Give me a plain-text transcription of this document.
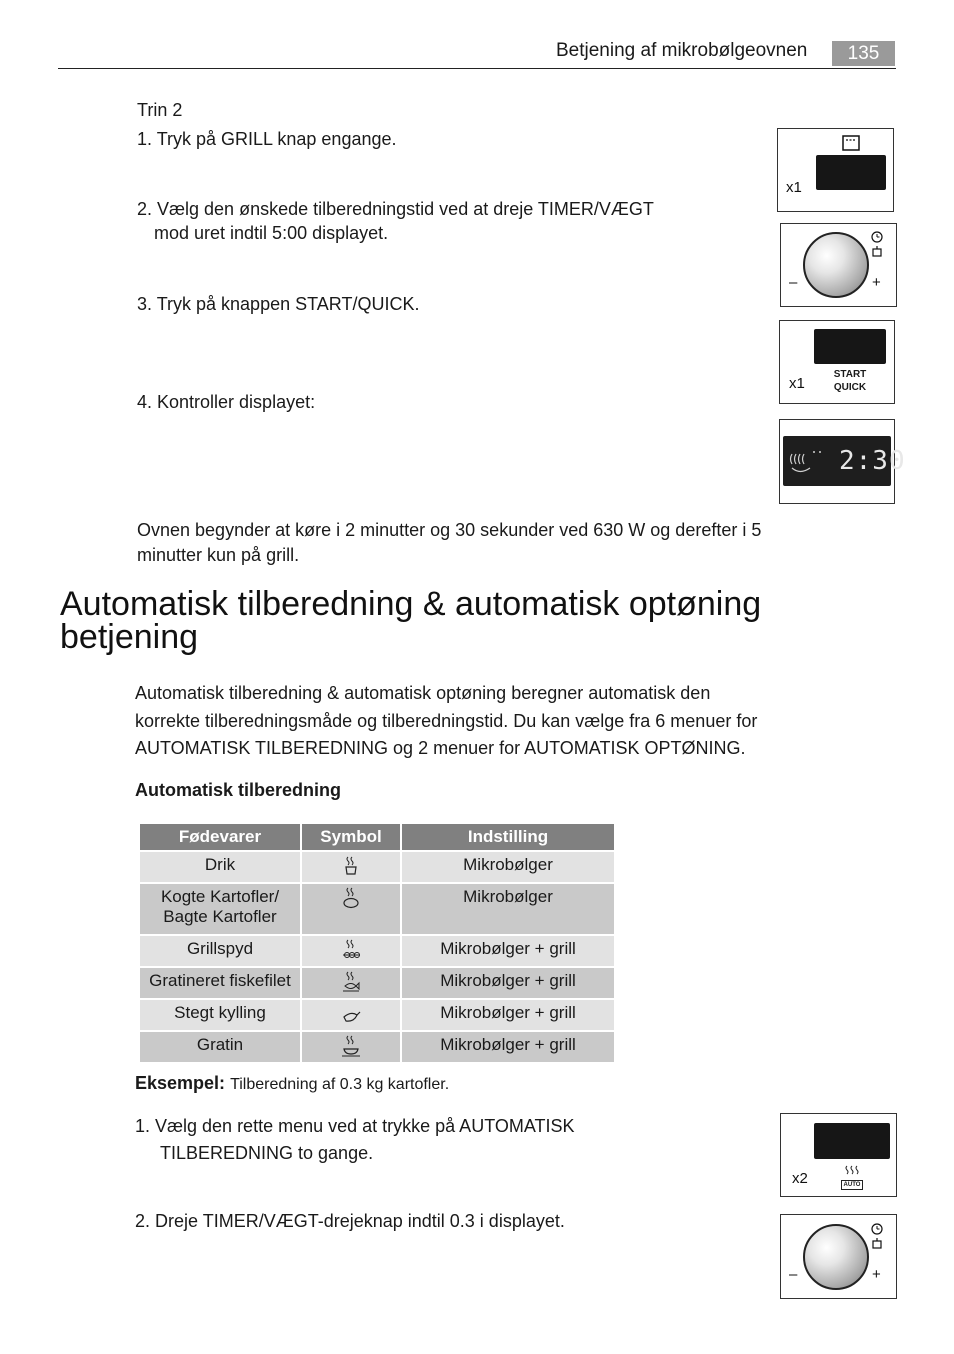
Betjening af mikrobølgeovnen	135
Trin 2
1. Tryk på GRILL knap engange.
2. Vælg den ønskede tilberedningstid ved at dreje TIMER/VÆGT
mod uret indtil 5:00 displayet.
3. Tryk på knappen START/QUICK.
4. Kontroller displayet:
x1
–	+
x1
START
QUICK
2:30
Ovnen begynder at køre i 2 minutter og 30 sekunder ved 630 W og derefter i 5
minutter kun på grill.
Automatisk tilberedning & automatisk optøning
betjening
Automatisk tilberedning & automatisk optøning beregner automatisk den
korrekte tilberedningsmåde og tilberedningstid. Du kan vælge fra 6 menuer for
AUTOMATISK TILBEREDNING og 2 menuer for AUTOMATISK OPTØNING.
Automatisk tilberedning
Fødevarer	Symbol	Indstilling
Drik		Mikrobølger

Kogte Kartofler/
Bagte Kartofler		Mikrobølger
Grillspyd		Mikrobølger + grill
Gratineret fiskefilet		Mikrobølger + grill
Stegt kylling		Mikrobølger + grill
Gratin		Mikrobølger + grill
Eksempel: Tilberedning af 0.3 kg kartofler.
1. Vælg den rette menu ved at trykke på AUTOMATISK
TILBEREDNING to gange.
2. Dreje TIMER/VÆGT-drejeknap indtil 0.3 i displayet.
x2	AUTO
–	+
